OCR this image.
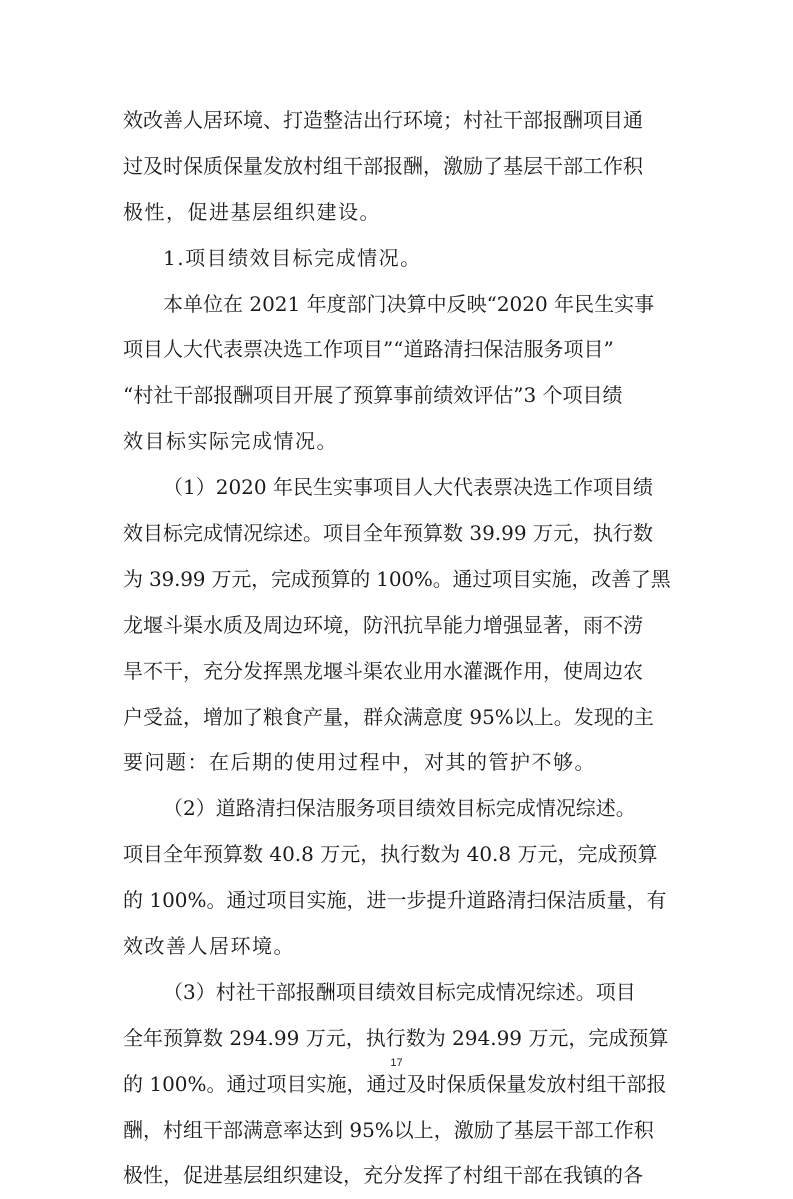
效改善人居环境、打造整洁出行环境；村社干部报酬项目通
过及时保质保量发放村组干部报酬，激励了基层干部工作积
极性，促进基层组织建设。
1.项目绩效目标完成情况。
本单位在 2021 年度部门决算中反映“2020 年民生实事
项目人大代表票决选工作项目”“道路清扫保洁服务项目”
“村社干部报酬项目开展了预算事前绩效评估”3 个项目绩
效目标实际完成情况。
（1）2020 年民生实事项目人大代表票决选工作项目绩
效目标完成情况综述。项目全年预算数 39.99 万元，执行数
为 39.99 万元，完成预算的 100%。通过项目实施，改善了黑
龙堰斗渠水质及周边环境，防汛抗旱能力增强显著，雨不涝
旱不干，充分发挥黑龙堰斗渠农业用水灌溉作用，使周边农
户受益，增加了粮食产量，群众满意度 95%以上。发现的主
要问题：在后期的使用过程中，对其的管护不够。
（2）道路清扫保洁服务项目绩效目标完成情况综述。
项目全年预算数 40.8 万元，执行数为 40.8 万元，完成预算
的 100%。通过项目实施，进一步提升道路清扫保洁质量，有
效改善人居环境。
（3）村社干部报酬项目绩效目标完成情况综述。项目
全年预算数 294.99 万元，执行数为 294.99 万元，完成预算
的 100%。通过项目实施，通过及时保质保量发放村组干部报
酬，村组干部满意率达到 95%以上，激励了基层干部工作积
极性，促进基层组织建设，充分发挥了村组干部在我镇的各
17
